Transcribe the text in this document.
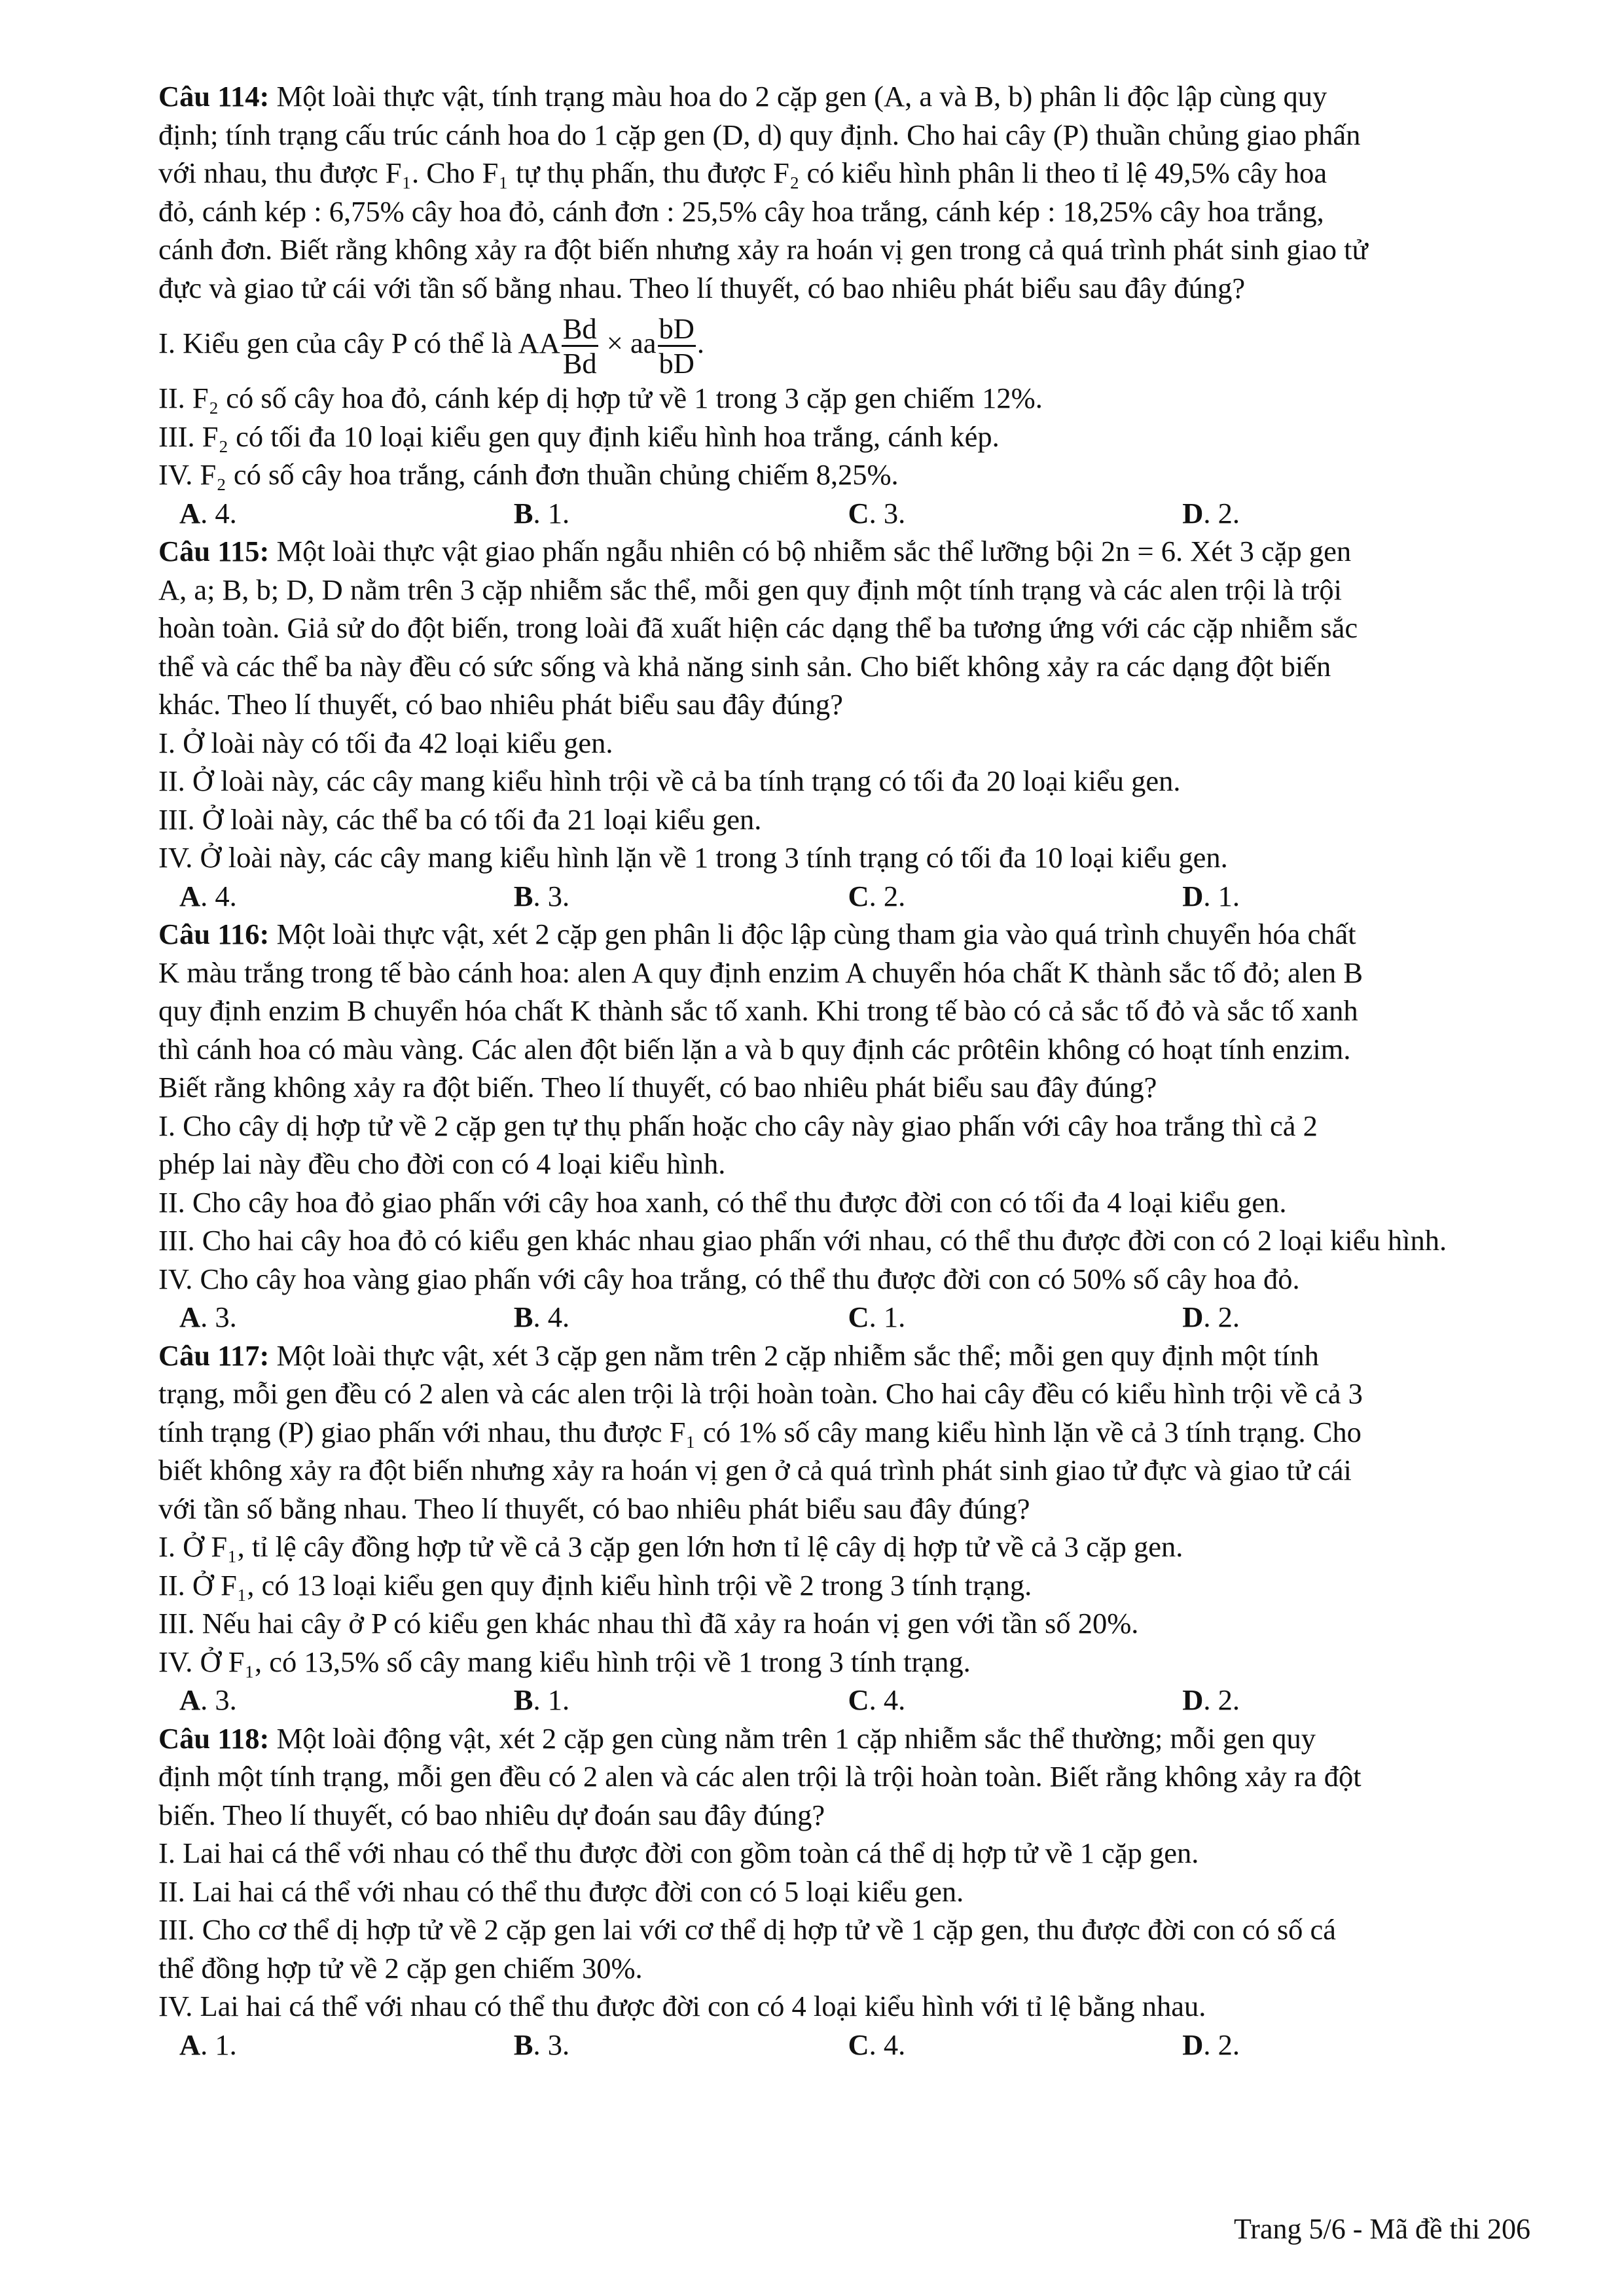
Câu 114: Một loài thực vật, tính trạng màu hoa do 2 cặp gen (A, a và B, b) phân li độc lập cùng quy

định; tính trạng cấu trúc cánh hoa do 1 cặp gen (D, d) quy định. Cho hai cây (P) thuần chủng giao phấn

với nhau, thu được F₁. Cho F₁ tự thụ phấn, thu được F₂ có kiểu hình phân li theo tỉ lệ 49,5% cây hoa

đỏ, cánh kép : 6,75% cây hoa đỏ, cánh đơn : 25,5% cây hoa trắng, cánh kép : 18,25% cây hoa trắng,

cánh đơn. Biết rằng không xảy ra đột biến nhưng xảy ra hoán vị gen trong cả quá trình phát sinh giao tử

đực và giao tử cái với tần số bằng nhau. Theo lí thuyết, có bao nhiêu phát biểu sau đây đúng?

I. Kiểu gen của cây P có thể là AA $\frac{Bd}{Bd}$ × aa $\frac{bD}{bD}$ .

II. F₂ có số cây hoa đỏ, cánh kép dị hợp tử về 1 trong 3 cặp gen chiếm 12%.

III. F₂ có tối đa 10 loại kiểu gen quy định kiểu hình hoa trắng, cánh kép.

IV. F₂ có số cây hoa trắng, cánh đơn thuần chủng chiếm 8,25%.

A. 4.	B. 1.	C. 3.	D. 2.

Câu 115: Một loài thực vật giao phấn ngẫu nhiên có bộ nhiễm sắc thể lưỡng bội 2n = 6. Xét 3 cặp gen

A, a; B, b; D, D nằm trên 3 cặp nhiễm sắc thể, mỗi gen quy định một tính trạng và các alen trội là trội

hoàn toàn. Giả sử do đột biến, trong loài đã xuất hiện các dạng thể ba tương ứng với các cặp nhiễm sắc

thể và các thể ba này đều có sức sống và khả năng sinh sản. Cho biết không xảy ra các dạng đột biến

khác. Theo lí thuyết, có bao nhiêu phát biểu sau đây đúng?

I. Ở loài này có tối đa 42 loại kiểu gen.

II. Ở loài này, các cây mang kiểu hình trội về cả ba tính trạng có tối đa 20 loại kiểu gen.

III. Ở loài này, các thể ba có tối đa 21 loại kiểu gen.

IV. Ở loài này, các cây mang kiểu hình lặn về 1 trong 3 tính trạng có tối đa 10 loại kiểu gen.

A. 4.	B. 3.	C. 2.	D. 1.

Câu 116: Một loài thực vật, xét 2 cặp gen phân li độc lập cùng tham gia vào quá trình chuyển hóa chất

K màu trắng trong tế bào cánh hoa: alen A quy định enzim A chuyển hóa chất K thành sắc tố đỏ; alen B

quy định enzim B chuyển hóa chất K thành sắc tố xanh. Khi trong tế bào có cả sắc tố đỏ và sắc tố xanh

thì cánh hoa có màu vàng. Các alen đột biến lặn a và b quy định các prôtêin không có hoạt tính enzim.

Biết rằng không xảy ra đột biến. Theo lí thuyết, có bao nhiêu phát biểu sau đây đúng?

I. Cho cây dị hợp tử về 2 cặp gen tự thụ phấn hoặc cho cây này giao phấn với cây hoa trắng thì cả 2

phép lai này đều cho đời con có 4 loại kiểu hình.

II. Cho cây hoa đỏ giao phấn với cây hoa xanh, có thể thu được đời con có tối đa 4 loại kiểu gen.

III. Cho hai cây hoa đỏ có kiểu gen khác nhau giao phấn với nhau, có thể thu được đời con có 2 loại kiểu hình.

IV. Cho cây hoa vàng giao phấn với cây hoa trắng, có thể thu được đời con có 50% số cây hoa đỏ.

A. 3.	B. 4.	C. 1.	D. 2.

Câu 117: Một loài thực vật, xét 3 cặp gen nằm trên 2 cặp nhiễm sắc thể; mỗi gen quy định một tính

trạng, mỗi gen đều có 2 alen và các alen trội là trội hoàn toàn. Cho hai cây đều có kiểu hình trội về cả 3

tính trạng (P) giao phấn với nhau, thu được F₁ có 1% số cây mang kiểu hình lặn về cả 3 tính trạng. Cho

biết không xảy ra đột biến nhưng xảy ra hoán vị gen ở cả quá trình phát sinh giao tử đực và giao tử cái

với tần số bằng nhau. Theo lí thuyết, có bao nhiêu phát biểu sau đây đúng?

I. Ở F₁, tỉ lệ cây đồng hợp tử về cả 3 cặp gen lớn hơn tỉ lệ cây dị hợp tử về cả 3 cặp gen.

II. Ở F₁, có 13 loại kiểu gen quy định kiểu hình trội về 2 trong 3 tính trạng.

III. Nếu hai cây ở P có kiểu gen khác nhau thì đã xảy ra hoán vị gen với tần số 20%.

IV. Ở F₁, có 13,5% số cây mang kiểu hình trội về 1 trong 3 tính trạng.

A. 3.	B. 1.	C. 4.	D. 2.

Câu 118: Một loài động vật, xét 2 cặp gen cùng nằm trên 1 cặp nhiễm sắc thể thường; mỗi gen quy

định một tính trạng, mỗi gen đều có 2 alen và các alen trội là trội hoàn toàn. Biết rằng không xảy ra đột

biến. Theo lí thuyết, có bao nhiêu dự đoán sau đây đúng?

I. Lai hai cá thể với nhau có thể thu được đời con gồm toàn cá thể dị hợp tử về 1 cặp gen.

II. Lai hai cá thể với nhau có thể thu được đời con có 5 loại kiểu gen.

III. Cho cơ thể dị hợp tử về 2 cặp gen lai với cơ thể dị hợp tử về 1 cặp gen, thu được đời con có số cá

thể đồng hợp tử về 2 cặp gen chiếm 30%.

IV. Lai hai cá thể với nhau có thể thu được đời con có 4 loại kiểu hình với tỉ lệ bằng nhau.

A. 1.	B. 3.	C. 4.	D. 2.
Trang 5/6 - Mã đề thi 206
